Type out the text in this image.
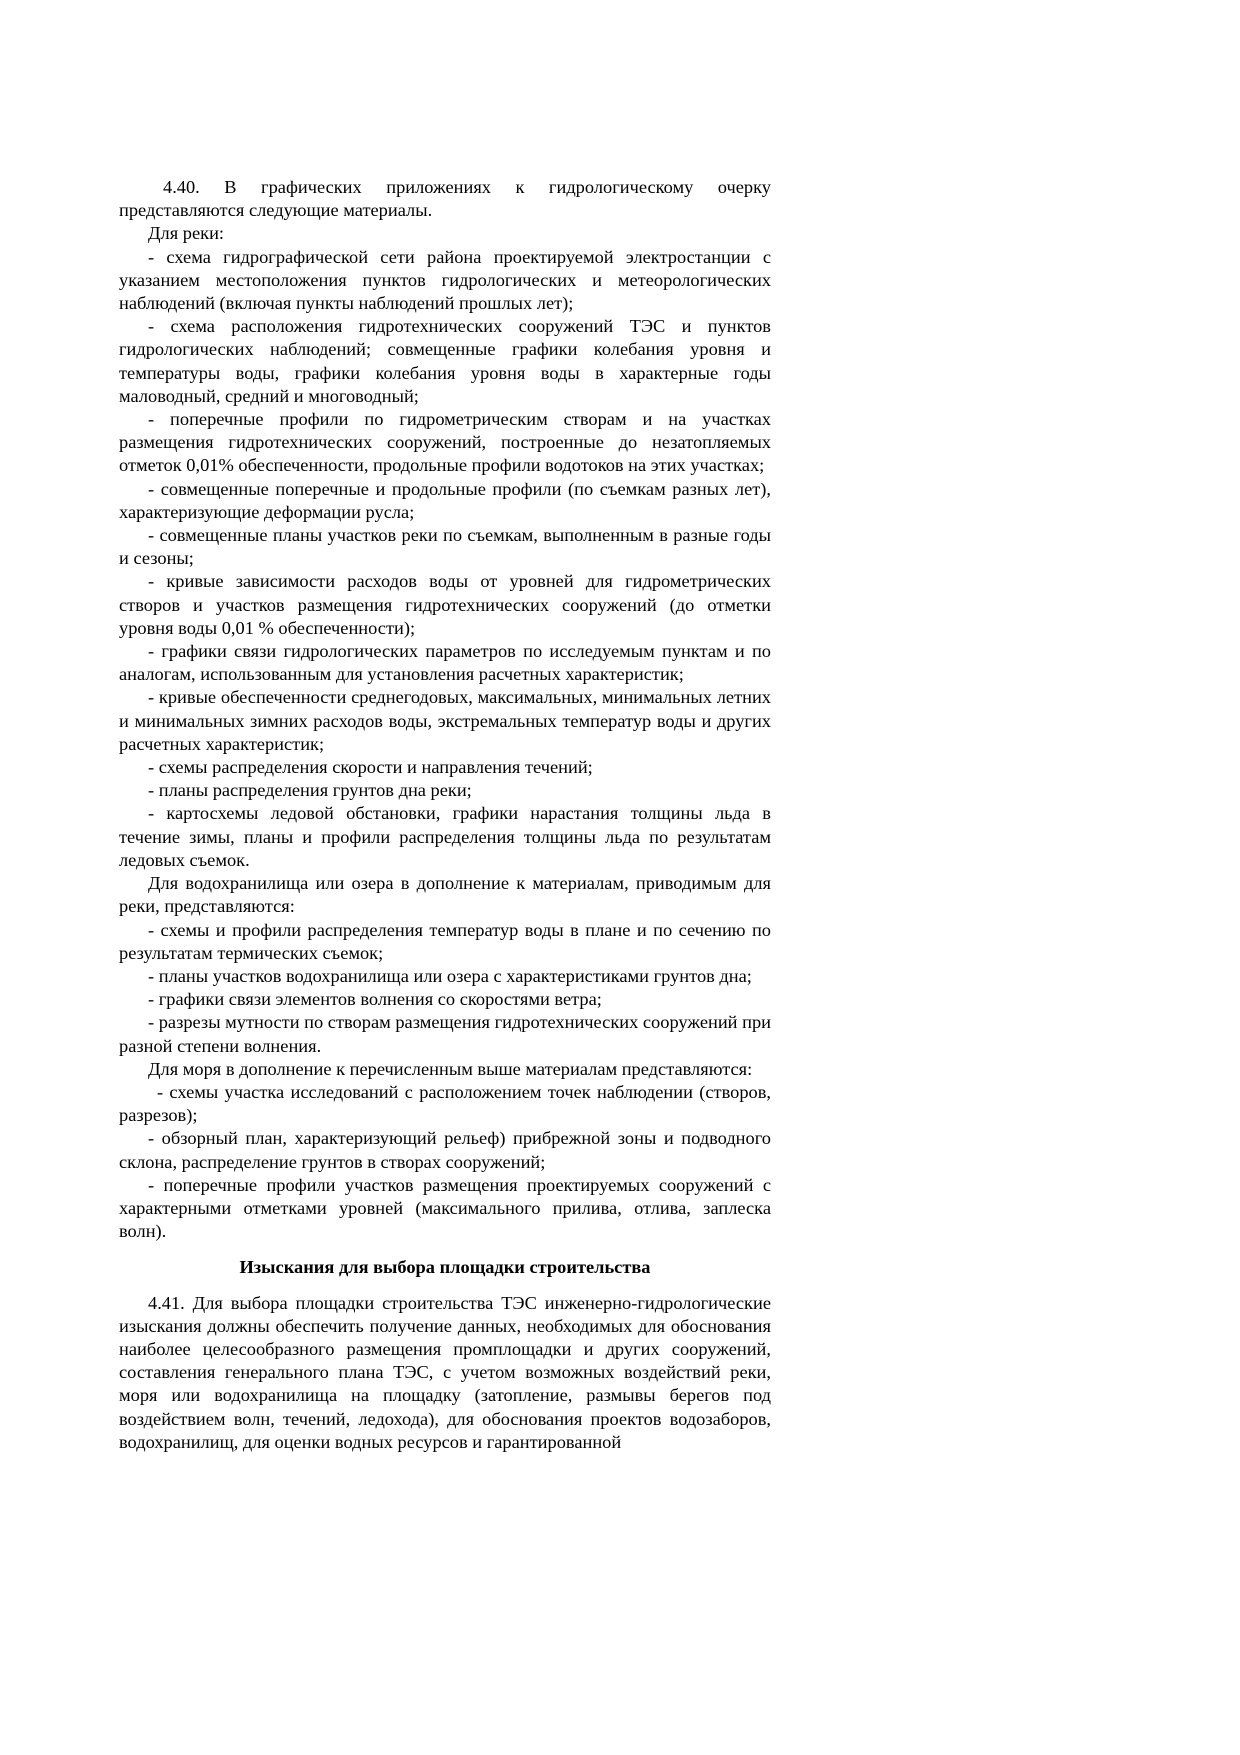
4.40. В графических приложениях к гидрологическому очерку представляются следующие материалы.

Для реки:

- схема гидрографической сети района проектируемой электростанции с указанием местоположения пунктов гидрологических и метеорологических наблюдений (включая пункты наблюдений прошлых лет);

- схема расположения гидротехнических сооружений ТЭС и пунктов гидрологических наблюдений; совмещенные графики колебания уровня и температуры воды, графики колебания уровня воды в характерные годы маловодный, средний и многоводный;

- поперечные профили по гидрометрическим створам и на участках размещения гидротехнических сооружений, построенные до незатопляемых отметок 0,01% обеспеченности, продольные профили водотоков на этих участках;

- совмещенные поперечные и продольные профили (по съемкам разных лет), характеризующие деформации русла;

- совмещенные планы участков реки по съемкам, выполненным в разные годы и сезоны;

- кривые зависимости расходов воды от уровней для гидрометрических створов и участков размещения гидротехнических сооружений (до отметки уровня воды 0,01 % обеспеченности);

- графики связи гидрологических параметров по исследуемым пунктам и по аналогам, использованным для установления расчетных характеристик;

- кривые обеспеченности среднегодовых, максимальных, минимальных летних и минимальных зимних расходов воды, экстремальных температур воды и других расчетных характеристик;

- схемы распределения скорости и направления течений;

- планы распределения грунтов дна реки;

- картосхемы ледовой обстановки, графики нарастания толщины льда в течение зимы, планы и профили распределения толщины льда по результатам ледовых съемок.

Для водохранилища или озера в дополнение к материалам, приводимым для реки, представляются:

- схемы и профили распределения температур воды в плане и по сечению по результатам термических съемок;

- планы участков водохранилища или озера с характеристиками грунтов дна;

- графики связи элементов волнения со скоростями ветра;

- разрезы мутности по створам размещения гидротехнических сооружений при разной степени волнения.

Для моря в дополнение к перечисленным выше материалам представляются:

- схемы участка исследований с расположением точек наблюдении (створов, разрезов);

- обзорный план, характеризующий рельеф) прибрежной зоны и подводного склона, распределение грунтов в створах сооружений;

- поперечные профили участков размещения проектируемых сооружений с характерными отметками уровней (максимального прилива, отлива, заплеска волн).

Изыскания для выбора площадки строительства

4.41. Для выбора площадки строительства ТЭС инженерно-гидрологические изыскания должны обеспечить получение данных, необходимых для обоснования наиболее целесообразного размещения промплощадки и других сооружений, составления генерального плана ТЭС, с учетом возможных воздействий реки, моря или водохранилища на площадку (затопление, размывы берегов под воздействием волн, течений, ледохода), для обоснования проектов водозаборов, водохранилищ, для оценки водных ресурсов и гарантированной
